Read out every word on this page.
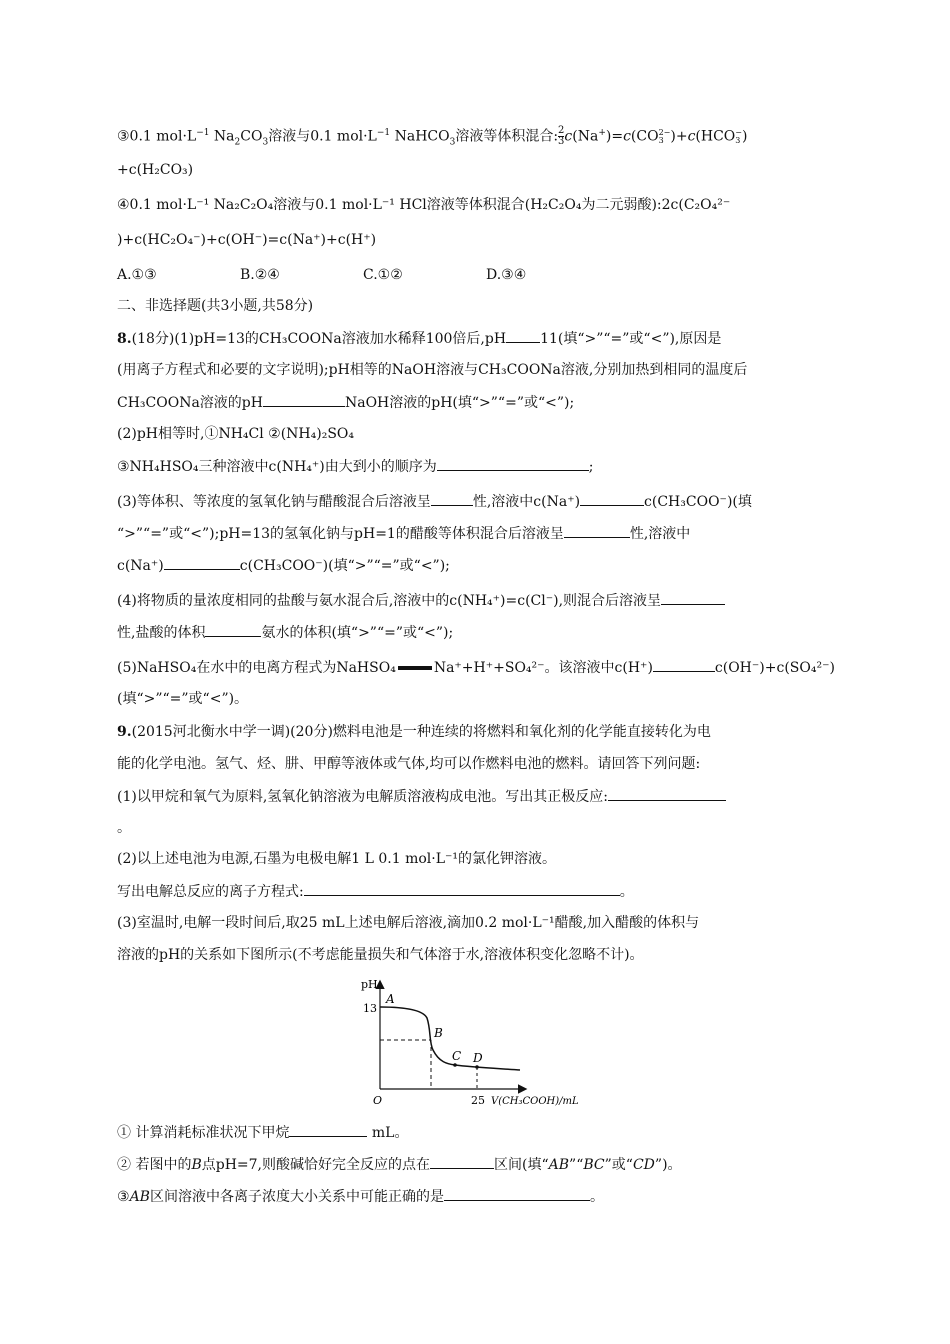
③0.1 $mol\cdot L^{-1}$ $Na_2CO_3$溶液与0.1 $mol\cdot L^{-1}$ NaHCO$_3$溶液等体积混合: $\frac{2}{3} c(Na^+)=c(CO$ 2−
3 )+c(HCO −
3 )
+c(H₂CO₃)
④0.1 mol·L⁻¹ Na₂C₂O₄溶液与0.1 mol·L⁻¹ HCl溶液等体积混合(H₂C₂O₄为二元弱酸):2c(C₂O₄²⁻
)+c(HC₂O₄⁻)+c(OH⁻)=c(Na⁺)+c(H⁺)
A.①③	B.②④	C.①②	D.③④
二、非选择题(共3小题,共58分)
8.(18分)(1)pH=13的CH₃COONa溶液加水稀释100倍后,pH 11(填“>”“=”或“<”),原因是
(用离子方程式和必要的文字说明);pH相等的NaOH溶液与CH₃COONa溶液,分别加热到相同的温度后
CH₃COONa溶液的pH	NaOH溶液的pH(填“>”“=”或“<”);
(2)pH相等时,①NH₄Cl ②(NH₄)₂SO₄
③NH₄HSO₄三种溶液中c(NH₄⁺)由大到小的顺序为	;
(3)等体积、等浓度的氢氧化钠与醋酸混合后溶液呈	性,溶液中c(Na⁺)	c(CH₃COO⁻)(填
“>”“=”或“<”);pH=13的氢氧化钠与pH=1的醋酸等体积混合后溶液呈	性,溶液中
c(Na⁺)	c(CH₃COO⁻)(填“>”“=”或“<”);
(4)将物质的量浓度相同的盐酸与氨水混合后,溶液中的c(NH₄⁺)=c(Cl⁻),则混合后溶液呈
性,盐酸的体积	氨水的体积(填“>”“=”或“<”);
(5)NaHSO₄在水中的电离方程式为NaHSO₄	Na⁺+H⁺+SO₄²⁻。该溶液中c(H⁺)	c(OH⁻)+c(SO₄²⁻)
(填“>”“=”或“<”)。
9.(2015河北衡水中学一调)(20分)燃料电池是一种连续的将燃料和氧化剂的化学能直接转化为电
能的化学电池。氢气、烃、肼、甲醇等液体或气体,均可以作燃料电池的燃料。请回答下列问题:
(1)以甲烷和氧气为原料,氢氧化钠溶液为电解质溶液构成电池。写出其正极反应:
。
(2)以上述电池为电源,石墨为电极电解1 L 0.1 mol·L⁻¹的氯化钾溶液。
写出电解总反应的离子方程式:	。
(3)室温时,电解一段时间后,取25 mL上述电解后溶液,滴加0.2 mol·L⁻¹醋酸,加入醋酸的体积与
溶液的pH的关系如下图所示(不考虑能量损失和气体溶于水,溶液体积变化忽略不计)。
pH
13
O	25 V(CH₃COOH)/mL
A
B
C D
① 计算消耗标准状况下甲烷	mL。
② 若图中的B点pH=7,则酸碱恰好完全反应的点在	区间(填“AB”“BC”或“CD”)。
③AB区间溶液中各离子浓度大小关系中可能正确的是	。
